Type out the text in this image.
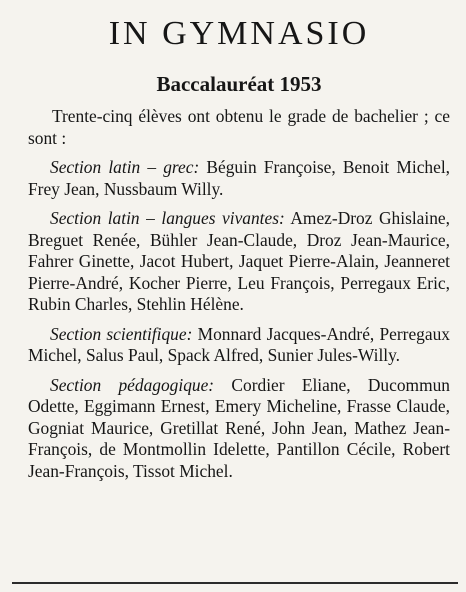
IN GYMNASIO
Baccalauréat 1953

Trente-cinq élèves ont obtenu le grade de bachelier ; ce sont :

Section latin – grec: Béguin Françoise, Benoit Michel, Frey Jean, Nussbaum Willy.

Section latin – langues vivantes: Amez-Droz Ghislaine, Breguet Renée, Bühler Jean-Claude, Droz Jean-Maurice, Fahrer Ginette, Jacot Hubert, Jaquet Pierre-Alain, Jeanneret Pierre-André, Kocher Pierre, Leu François, Perregaux Eric, Rubin Charles, Stehlin Hélène.

Section scientifique: Monnard Jacques-André, Perregaux Michel, Salus Paul, Spack Alfred, Sunier Jules-Willy.

Section pédagogique: Cordier Eliane, Ducommun Odette, Eggimann Ernest, Emery Micheline, Frasse Claude, Gogniat Maurice, Gretillat René, John Jean, Mathez Jean-François, de Montmollin Idelette, Pantillon Cécile, Robert Jean-François, Tissot Michel.
